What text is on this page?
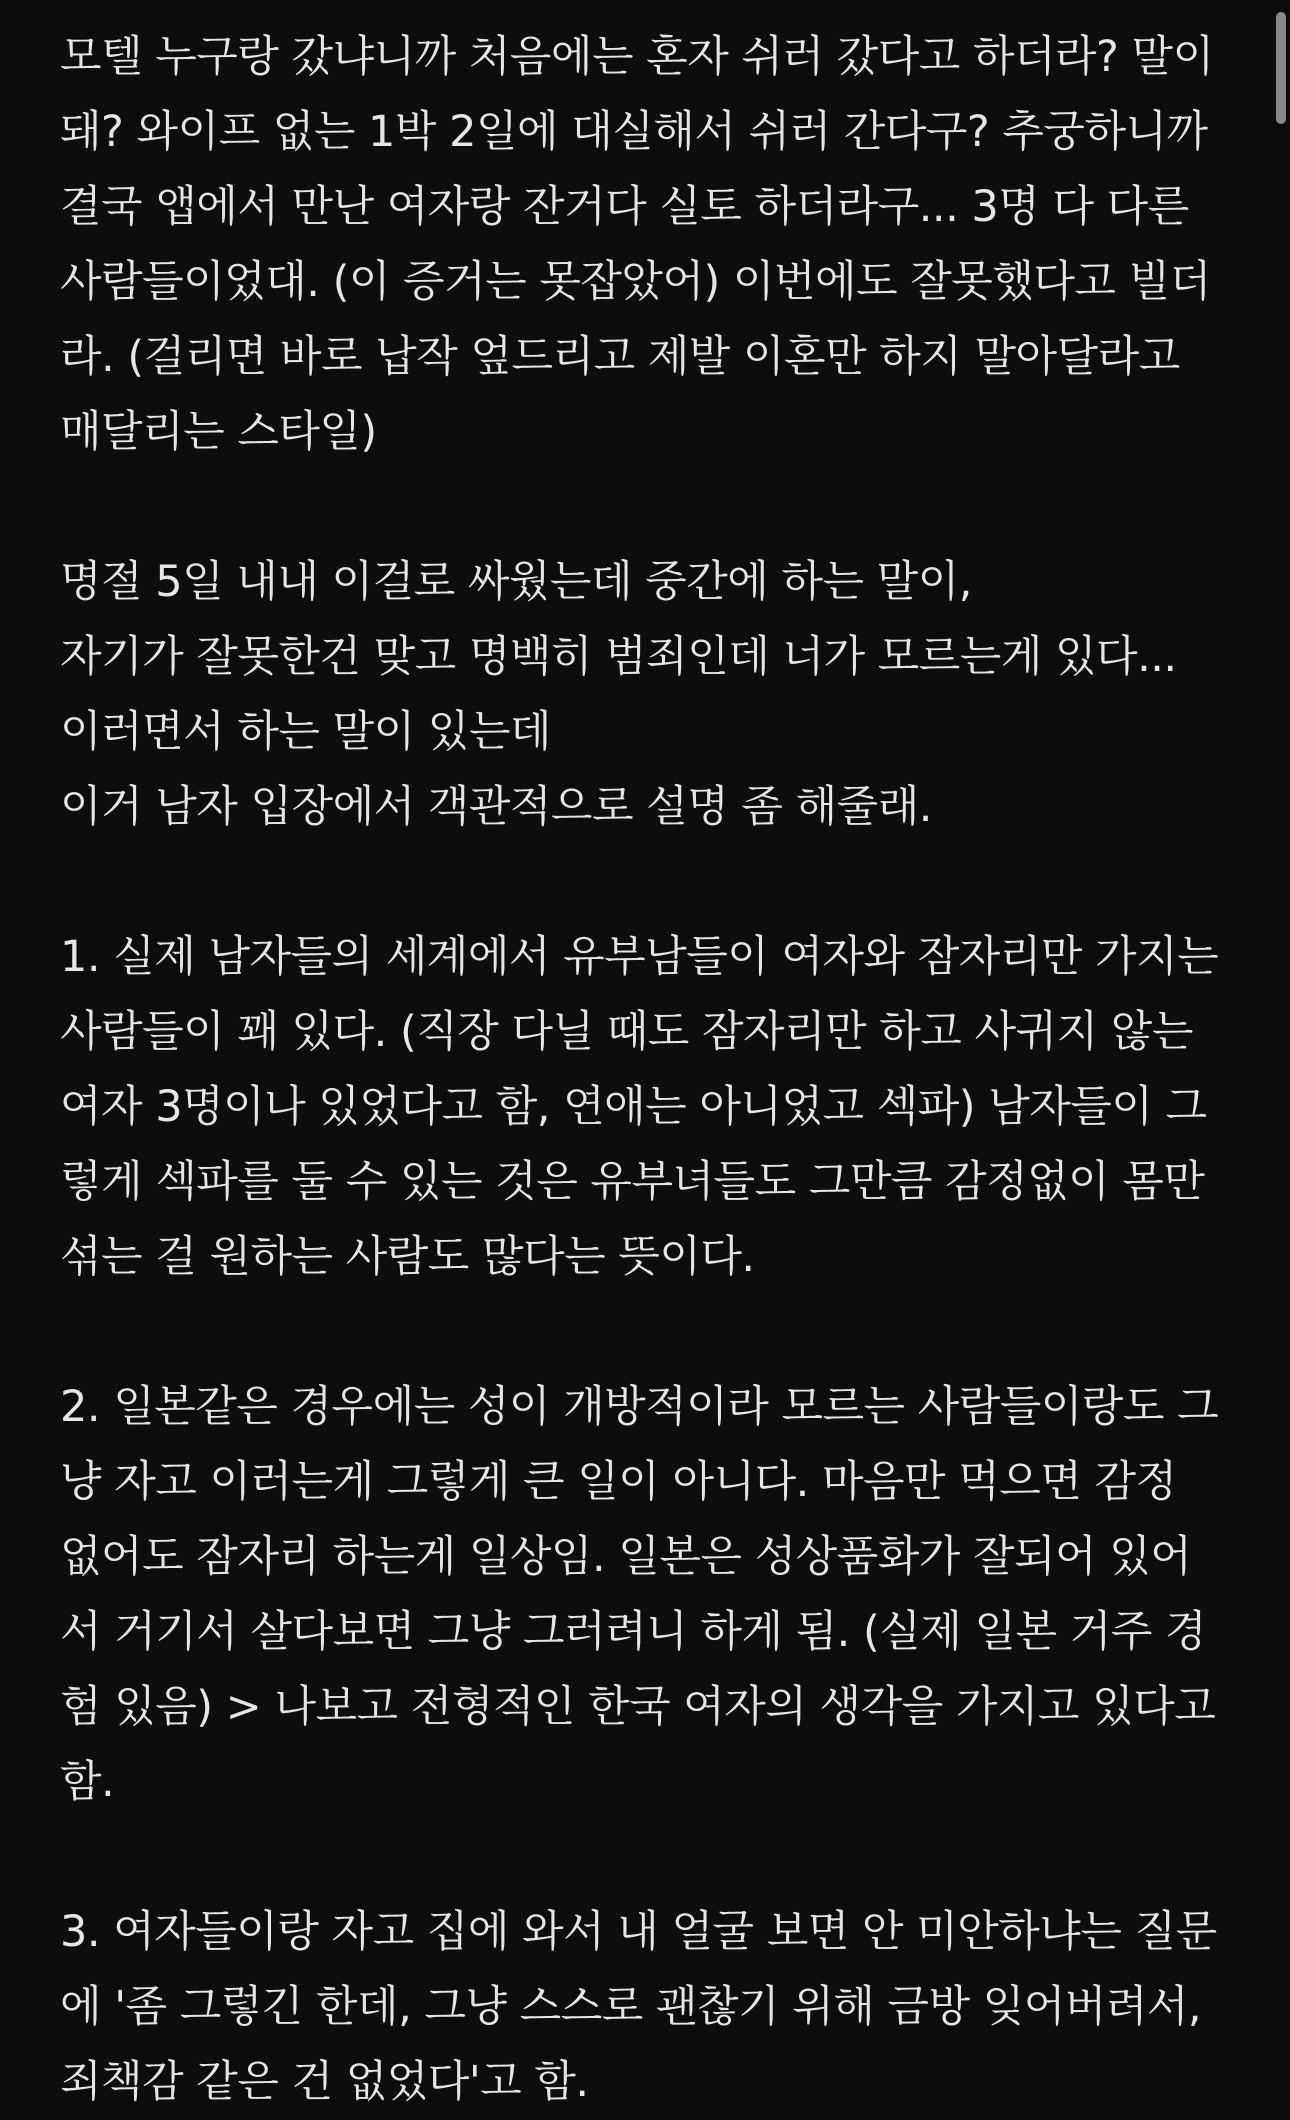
모텔 누구랑 갔냐니까 처음에는 혼자 쉬러 갔다고 하더라? 말이
돼? 와이프 없는 1박 2일에 대실해서 쉬러 간다구? 추궁하니까
결국 앱에서 만난 여자랑 잔거다 실토 하더라구... 3명 다 다른
사람들이었대. (이 증거는 못잡았어) 이번에도 잘못했다고 빌더
라. (걸리면 바로 납작 엎드리고 제발 이혼만 하지 말아달라고
매달리는 스타일)
명절 5일 내내 이걸로 싸웠는데 중간에 하는 말이,
자기가 잘못한건 맞고 명백히 범죄인데 너가 모르는게 있다...
이러면서 하는 말이 있는데
이거 남자 입장에서 객관적으로 설명 좀 해줄래.
1. 실제 남자들의 세계에서 유부남들이 여자와 잠자리만 가지는
사람들이 꽤 있다. (직장 다닐 때도 잠자리만 하고 사귀지 않는
여자 3명이나 있었다고 함, 연애는 아니었고 섹파) 남자들이 그
렇게 섹파를 둘 수 있는 것은 유부녀들도 그만큼 감정없이 몸만
섞는 걸 원하는 사람도 많다는 뜻이다.
2. 일본같은 경우에는 성이 개방적이라 모르는 사람들이랑도 그
냥 자고 이러는게 그렇게 큰 일이 아니다. 마음만 먹으면 감정
없어도 잠자리 하는게 일상임. 일본은 성상품화가 잘되어 있어
서 거기서 살다보면 그냥 그러려니 하게 됨. (실제 일본 거주 경
험 있음) > 나보고 전형적인 한국 여자의 생각을 가지고 있다고
함.
3. 여자들이랑 자고 집에 와서 내 얼굴 보면 안 미안하냐는 질문
에 '좀 그렇긴 한데, 그냥 스스로 괜찮기 위해 금방 잊어버려서,
죄책감 같은 건 없었다'고 함.
